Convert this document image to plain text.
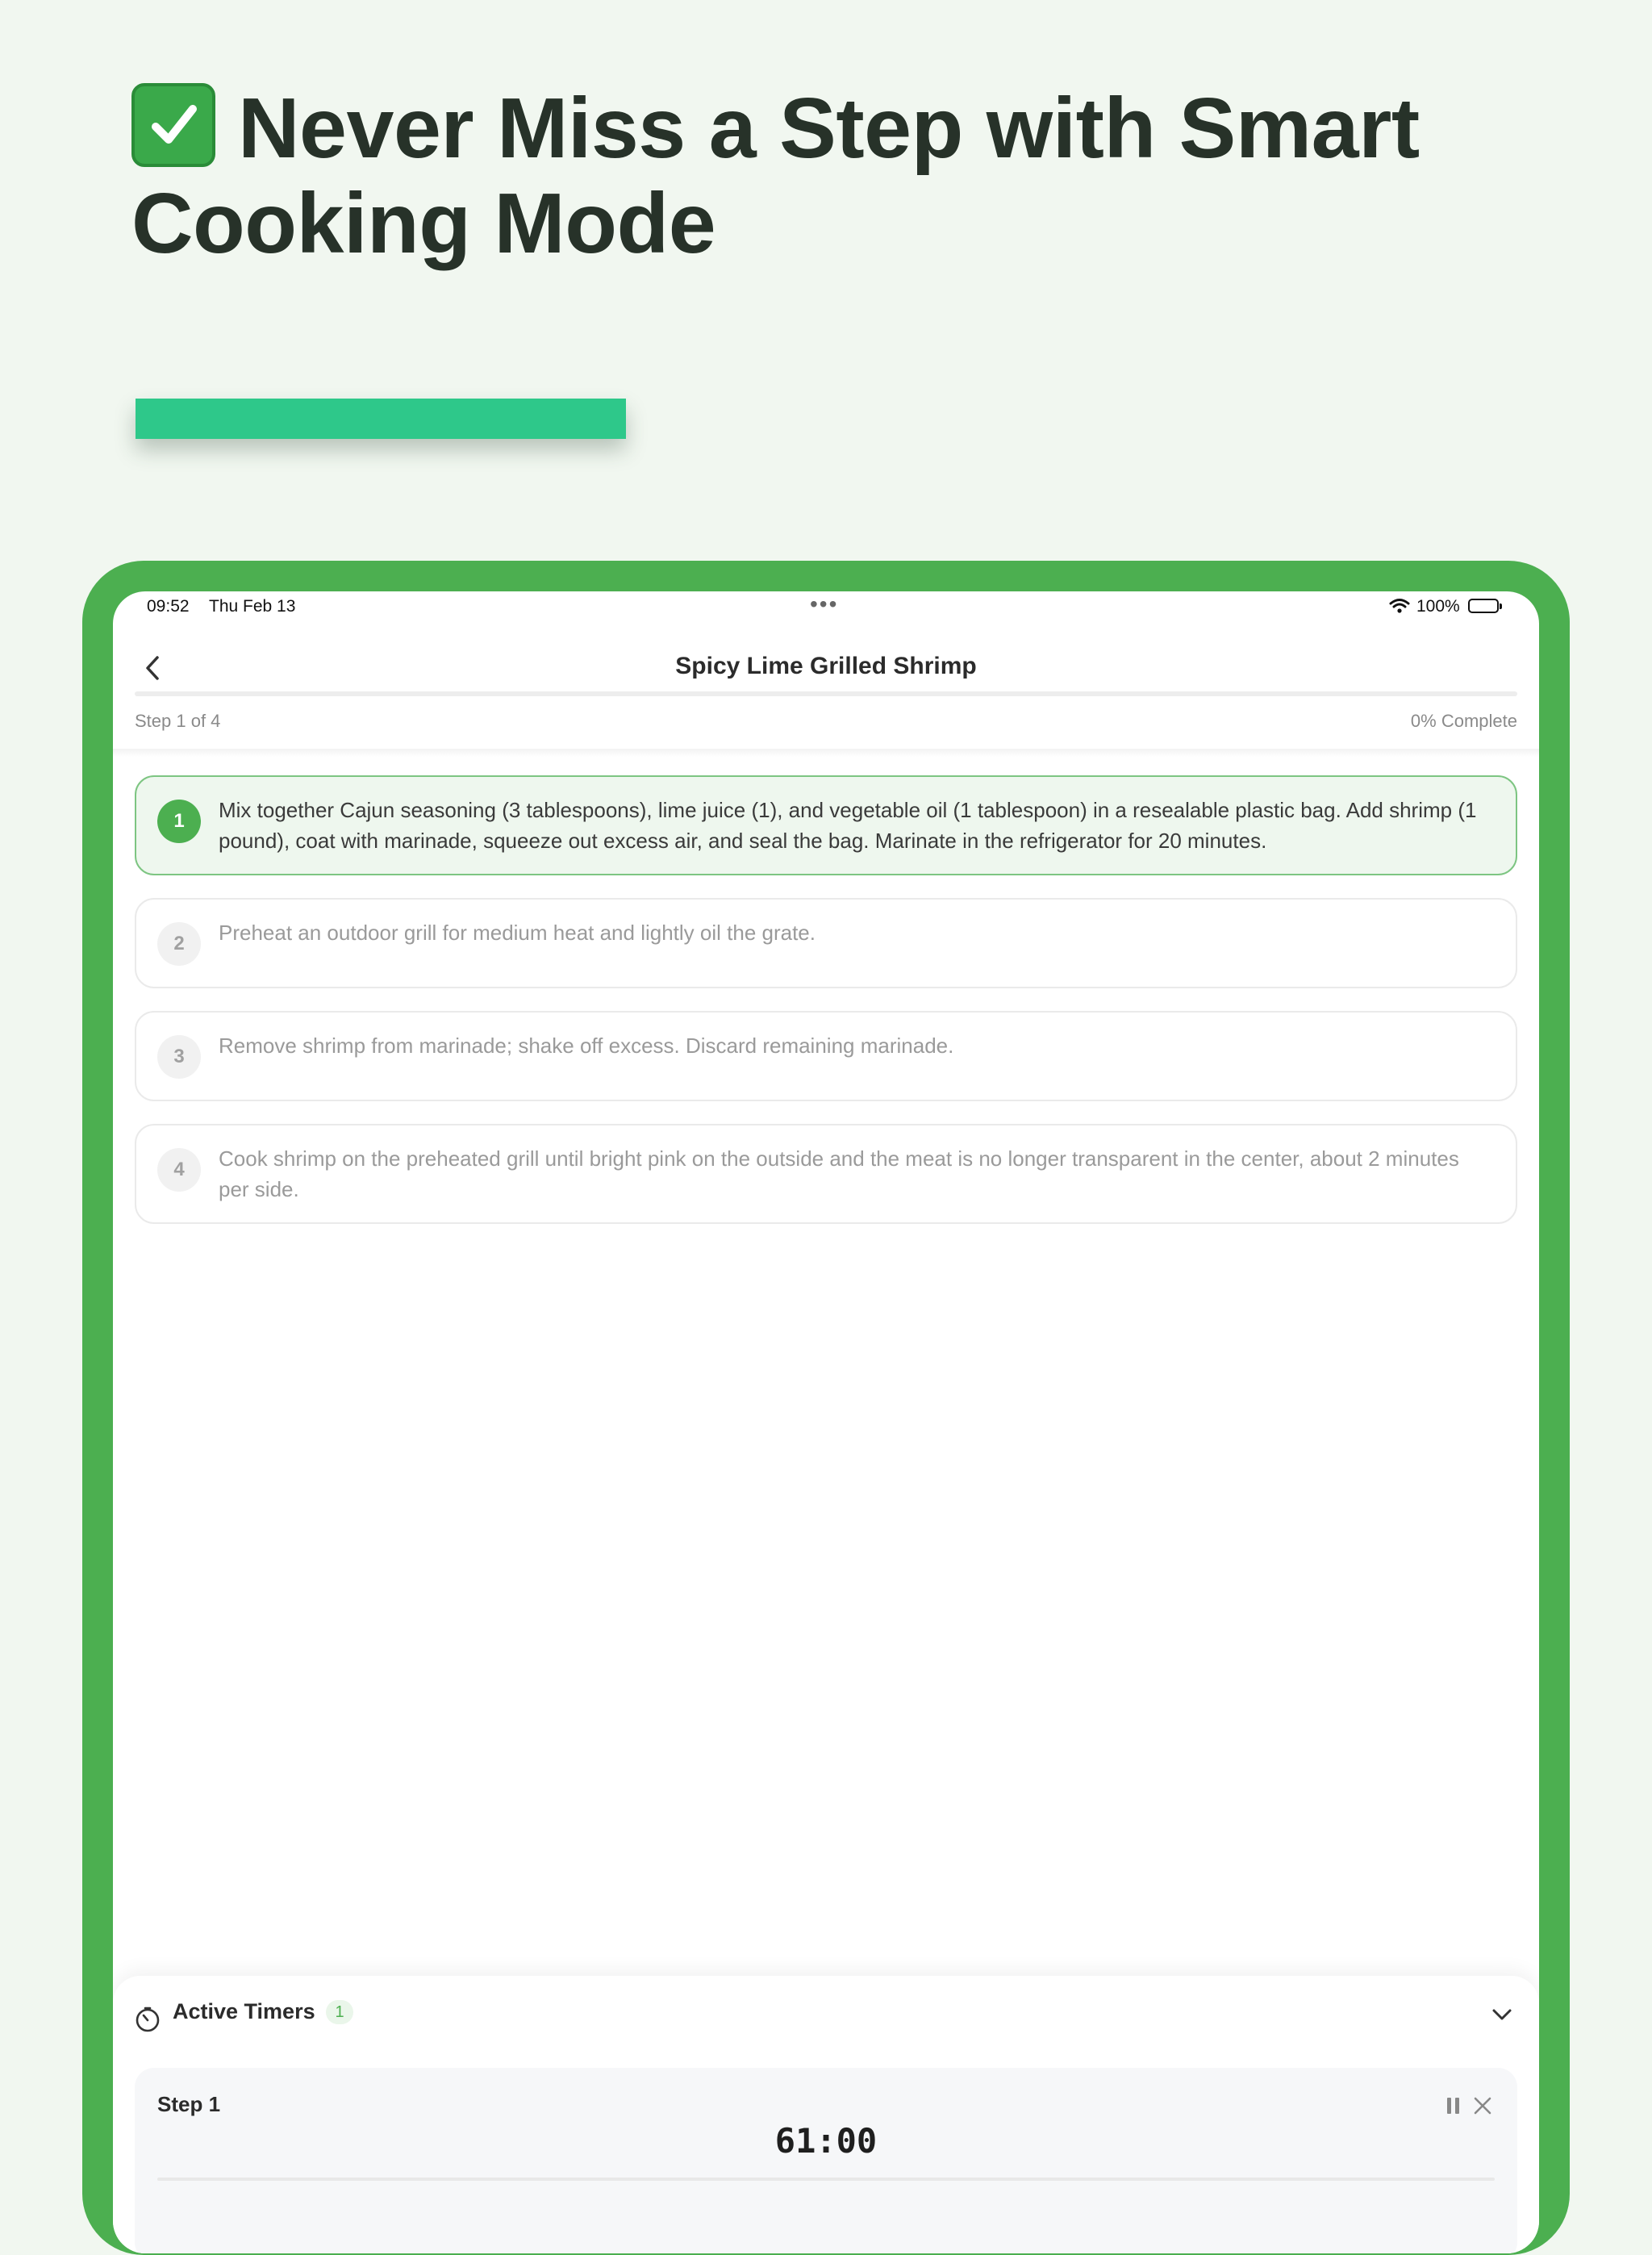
Never Miss a Step with Smart Cooking Mode
09:52 Thu Feb 13	•••	100%
Spicy Lime Grilled Shrimp
Step 1 of 4	0% Complete
1	Mix together Cajun seasoning (3 tablespoons), lime juice (1), and vegetable oil (1 tablespoon) in a resealable plastic bag. Add shrimp (1 pound), coat with marinade, squeeze out excess air, and seal the bag. Marinate in the refrigerator for 20 minutes.
2	Preheat an outdoor grill for medium heat and lightly oil the grate.
3	Remove shrimp from marinade; shake off excess. Discard remaining marinade.
4	Cook shrimp on the preheated grill until bright pink on the outside and the meat is no longer transparent in the center, about 2 minutes per side.
Active Timers	1
Step 1
61:00
